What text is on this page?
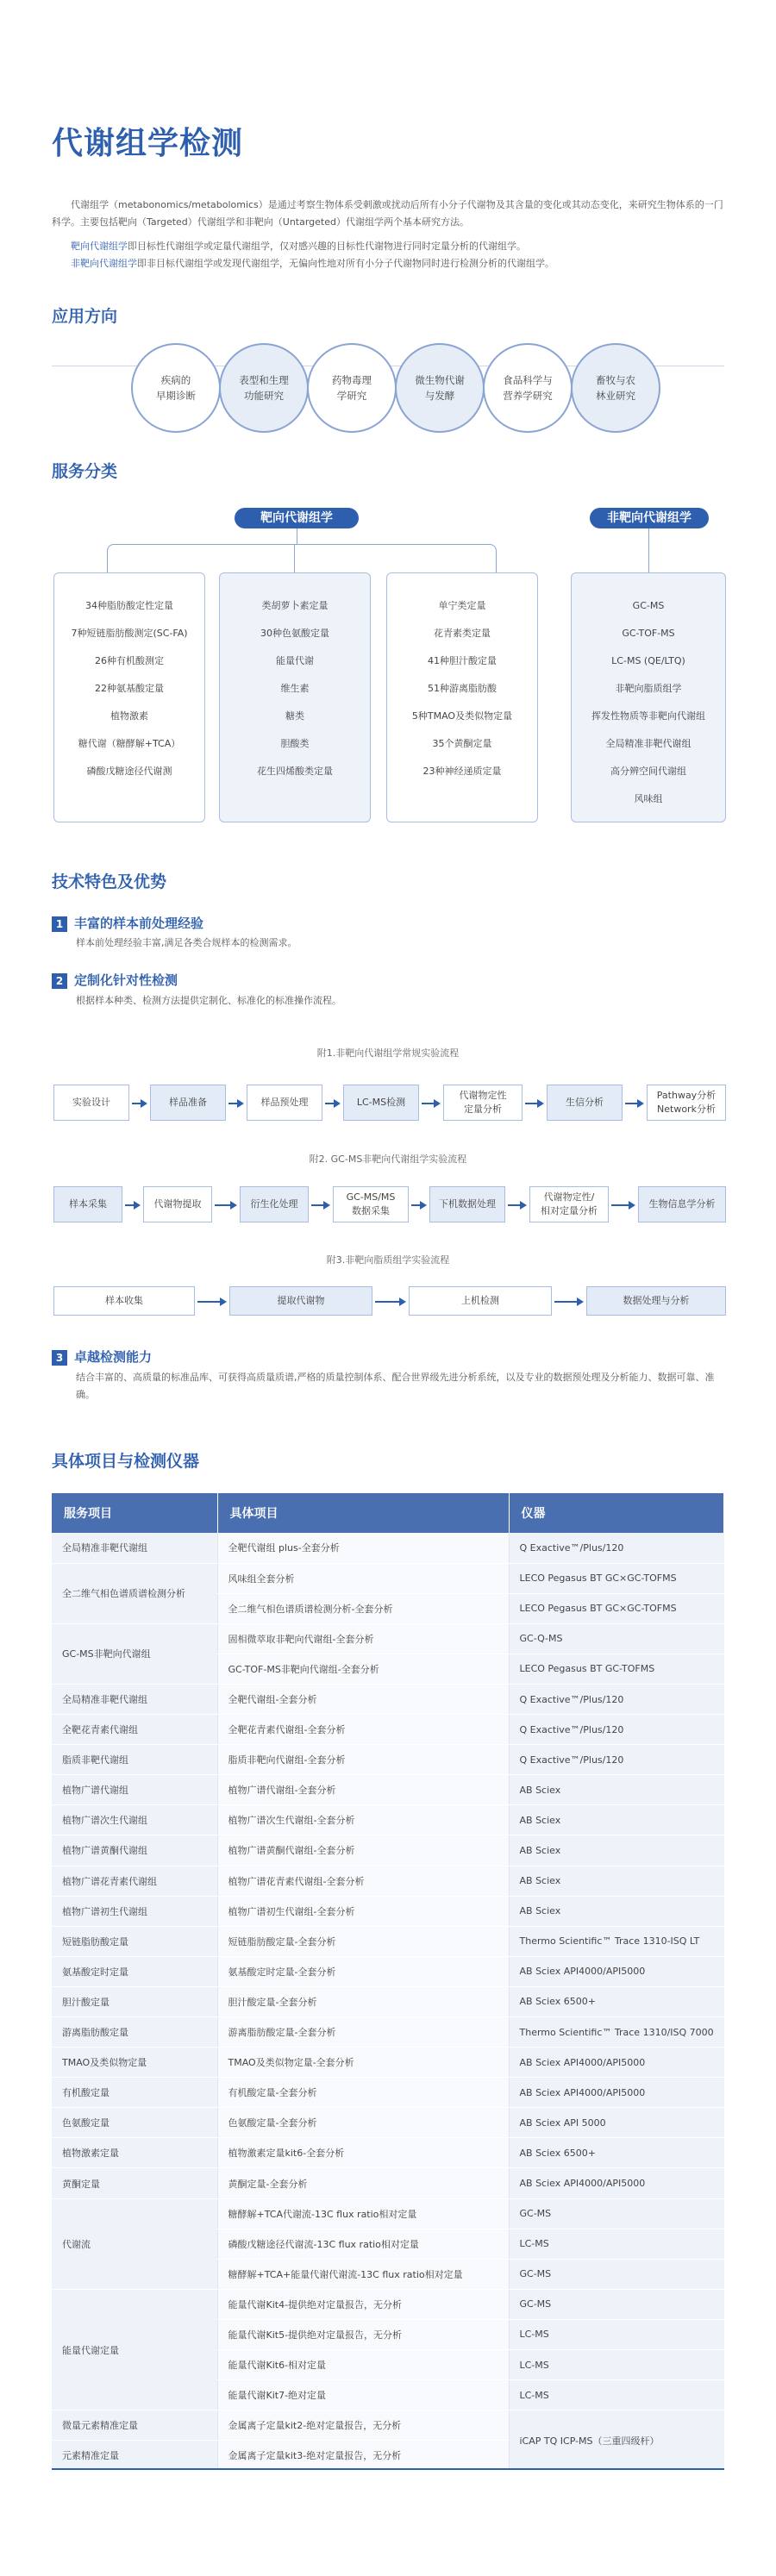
代谢组学检测

代谢组学（metabonomics/metabolomics）是通过考察生物体系受刺激或扰动后所有小分子代谢物及其含量的变化或其动态变化，来研究生物体系的一门科学。主要包括靶向（Targeted）代谢组学和非靶向（Untargeted）代谢组学两个基本研究方法。

靶向代谢组学即目标性代谢组学或定量代谢组学，仅对感兴趣的目标性代谢物进行同时定量分析的代谢组学。

非靶向代谢组学即非目标代谢组学或发现代谢组学，无偏向性地对所有小分子代谢物同时进行检测分析的代谢组学。

应用方向
疾病的
早期诊断
表型和生理
功能研究
药物毒理
学研究
微生物代谢
与发酵
食品科学与
营养学研究
畜牧与农
林业研究
服务分类
靶向代谢组学	非靶向代谢组学
34种脂肪酸定性定量
7种短链脂肪酸测定(SC-FA)
26种有机酸测定
22种氨基酸定量
植物激素
糖代谢（糖酵解+TCA）
磷酸戊糖途径代谢测
类胡萝卜素定量
30种色氨酸定量
能量代谢
维生素
糖类
胆酸类
花生四烯酸类定量
单宁类定量
花青素类定量
41种胆汁酸定量
51种游离脂肪酸
5种TMAO及类似物定量
35个黄酮定量
23种神经递质定量
GC-MS
GC-TOF-MS
LC-MS (QE/LTQ)
非靶向脂质组学
挥发性物质等非靶向代谢组
全局精准非靶代谢组
高分辨空间代谢组
风味组
技术特色及优势
1 丰富的样本前处理经验
样本前处理经验丰富,满足各类合规样本的检测需求。
2 定制化针对性检测
根据样本种类、检测方法提供定制化、标准化的标准操作流程。
附1.非靶向代谢组学常规实验流程
实验设计	样品准备	样品预处理	LC-MS检测
代谢物定性
定量分析
生信分析
Pathway分析
Network分析
附2. GC-MS非靶向代谢组学实验流程
样本采集	代谢物提取	衍生化处理
GC-MS/MS
数据采集
下机数据处理
代谢物定性/
相对定量分析
生物信息学分析
附3.非靶向脂质组学实验流程
样本收集	提取代谢物	上机检测	数据处理与分析
3 卓越检测能力
结合丰富的、高质量的标准品库、可获得高质量质谱,严格的质量控制体系、配合世界级先进分析系统，以及专业的数据预处理及分析能力、数据可靠、准确。
具体项目与检测仪器
服务项目	具体项目	仪器
全局精准非靶代谢组	全靶代谢组 plus-全套分析	Q Exactive™/Plus/120
全二维气相色谱质谱检测分析	风味组全套分析	LECO Pegasus BT GC×GC-TOFMS
	全二维气相色谱质谱检测分析-全套分析	LECO Pegasus BT GC×GC-TOFMS
GC-MS非靶向代谢组	固相微萃取非靶向代谢组-全套分析	GC-Q-MS
	GC-TOF-MS非靶向代谢组-全套分析	LECO Pegasus BT GC-TOFMS
全局精准非靶代谢组	全靶代谢组-全套分析	Q Exactive™/Plus/120
全靶花青素代谢组	全靶花青素代谢组-全套分析	Q Exactive™/Plus/120
脂质非靶代谢组	脂质非靶向代谢组-全套分析	Q Exactive™/Plus/120
植物广谱代谢组	植物广谱代谢组-全套分析	AB Sciex
植物广谱次生代谢组	植物广谱次生代谢组-全套分析	AB Sciex
植物广谱黄酮代谢组	植物广谱黄酮代谢组-全套分析	AB Sciex
植物广谱花青素代谢组	植物广谱花青素代谢组-全套分析	AB Sciex
植物广谱初生代谢组	植物广谱初生代谢组-全套分析	AB Sciex
短链脂肪酸定量	短链脂肪酸定量-全套分析	Thermo Scientific™ Trace 1310-ISQ LT
氨基酸定时定量	氨基酸定时定量-全套分析	AB Sciex API4000/API5000
胆汁酸定量	胆汁酸定量-全套分析	AB Sciex 6500+
游离脂肪酸定量	游离脂肪酸定量-全套分析	Thermo Scientific™ Trace 1310/ISQ 7000
TMAO及类似物定量	TMAO及类似物定量-全套分析	AB Sciex API4000/API5000
有机酸定量	有机酸定量-全套分析	AB Sciex API4000/API5000
色氨酸定量	色氨酸定量-全套分析	AB Sciex API 5000
植物激素定量	植物激素定量kit6-全套分析	AB Sciex 6500+
黄酮定量	黄酮定量-全套分析	AB Sciex API4000/API5000
代谢流	糖酵解+TCA代谢流-13C flux ratio相对定量	GC-MS
	磷酸戊糖途径代谢流-13C flux ratio相对定量	LC-MS
	糖酵解+TCA+能量代谢代谢流-13C flux ratio相对定量	GC-MS
能量代谢定量	能量代谢Kit4-提供绝对定量报告，无分析	GC-MS
	能量代谢Kit5-提供绝对定量报告，无分析	LC-MS
	能量代谢Kit6-相对定量	LC-MS
	能量代谢Kit7-绝对定量	LC-MS
微量元素精准定量	金属离子定量kit2-绝对定量报告，无分析	iCAP TQ ICP-MS（三重四级杆）
元素精准定量	金属离子定量kit3-绝对定量报告，无分析	
